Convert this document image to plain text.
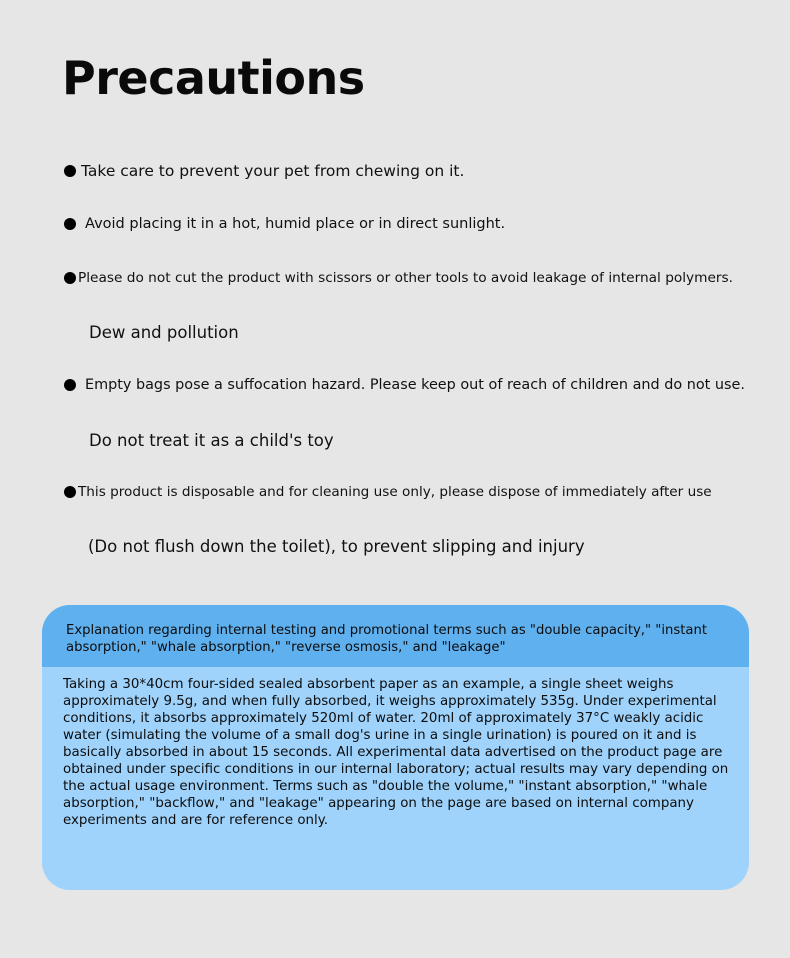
Precautions
Take care to prevent your pet from chewing on it.
Avoid placing it in a hot, humid place or in direct sunlight.
Please do not cut the product with scissors or other tools to avoid leakage of internal polymers.
Dew and pollution
Empty bags pose a suffocation hazard. Please keep out of reach of children and do not use.
Do not treat it as a child's toy
This product is disposable and for cleaning use only, please dispose of immediately after use
(Do not flush down the toilet), to prevent slipping and injury
Explanation regarding internal testing and promotional terms such as "double capacity," "instant absorption," "whale absorption," "reverse osmosis," and "leakage"
Taking a 30*40cm four-sided sealed absorbent paper as an example, a single sheet weighs approximately 9.5g, and when fully absorbed, it weighs approximately 535g. Under experimental conditions, it absorbs approximately 520ml of water. 20ml of approximately 37°C weakly acidic water (simulating the volume of a small dog's urine in a single urination) is poured on it and is basically absorbed in about 15 seconds. All experimental data advertised on the product page are obtained under specific conditions in our internal laboratory; actual results may vary depending on the actual usage environment. Terms such as "double the volume," "instant absorption," "whale absorption," "backflow," and "leakage" appearing on the page are based on internal company experiments and are for reference only.
